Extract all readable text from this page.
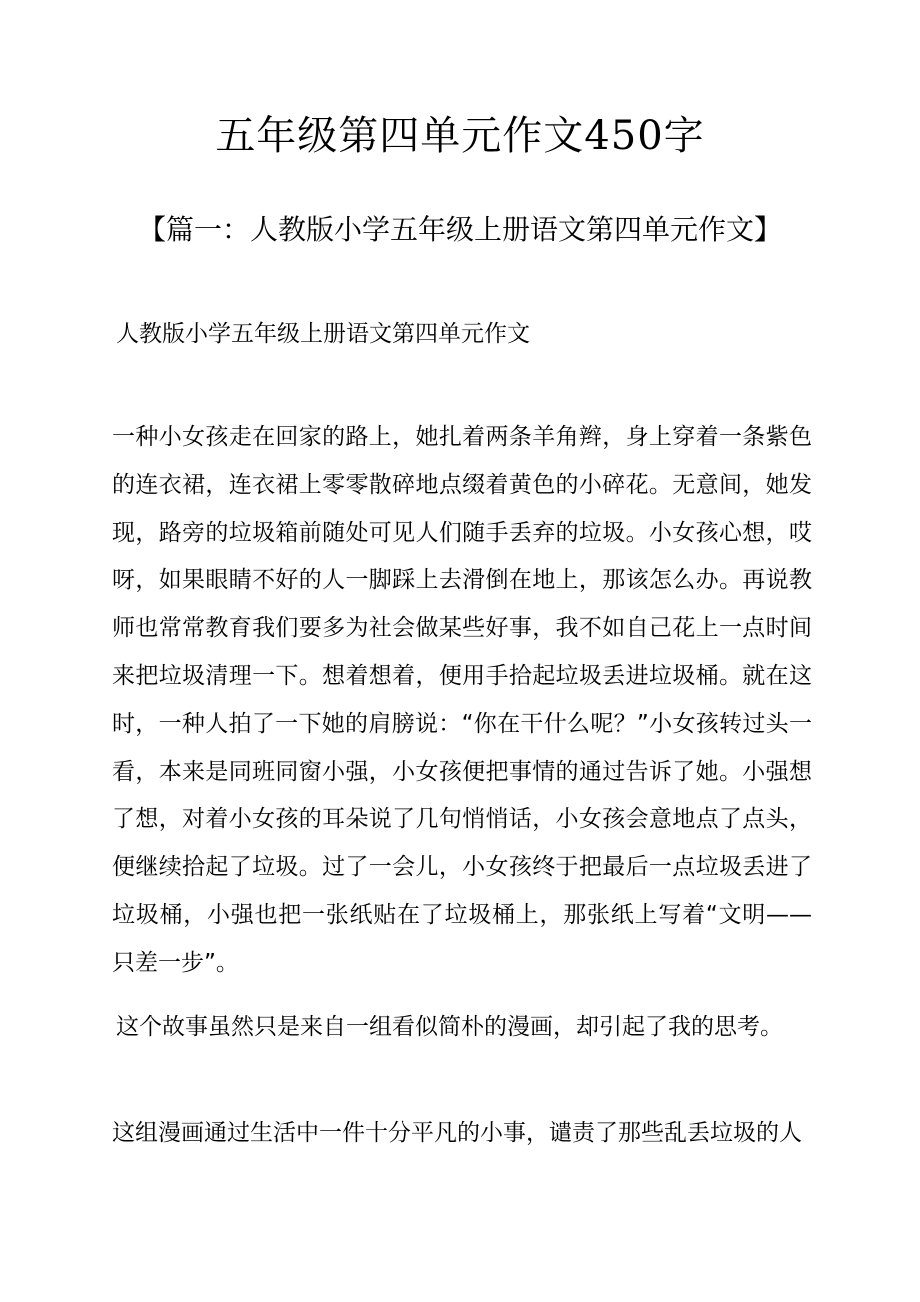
五年级第四单元作文450字
【篇一：人教版小学五年级上册语文第四单元作文】
人教版小学五年级上册语文第四单元作文
一种小女孩走在回家的路上，她扎着两条羊角辫，身上穿着一条紫色的连衣裙，连衣裙上零零散碎地点缀着黄色的小碎花。无意间，她发现，路旁的垃圾箱前随处可见人们随手丢弃的垃圾。小女孩心想，哎呀，如果眼睛不好的人一脚踩上去滑倒在地上，那该怎么办。再说教师也常常教育我们要多为社会做某些好事，我不如自己花上一点时间来把垃圾清理一下。想着想着，便用手拾起垃圾丢进垃圾桶。就在这时，一种人拍了一下她的肩膀说：“你在干什么呢？”小女孩转过头一看，本来是同班同窗小强，小女孩便把事情的通过告诉了她。小强想了想，对着小女孩的耳朵说了几句悄悄话，小女孩会意地点了点头，便继续拾起了垃圾。过了一会儿，小女孩终于把最后一点垃圾丢进了垃圾桶，小强也把一张纸贴在了垃圾桶上，那张纸上写着“文明——只差一步”。
这个故事虽然只是来自一组看似简朴的漫画，却引起了我的思考。
这组漫画通过生活中一件十分平凡的小事，谴责了那些乱丢垃圾的人
